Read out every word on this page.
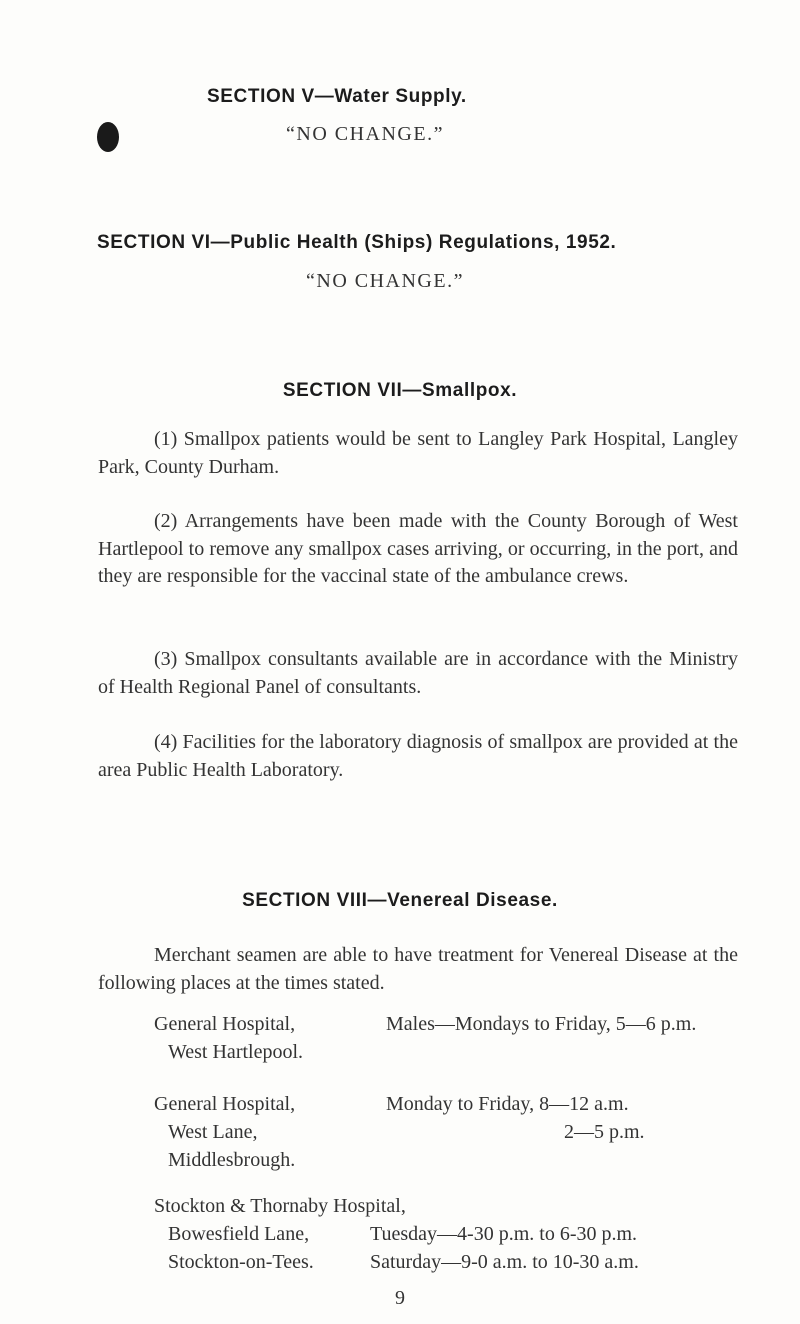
SECTION V—Water Supply.
“NO CHANGE.”
SECTION VI—Public Health (Ships) Regulations, 1952.
“NO CHANGE.”
SECTION VII—Smallpox.
(1) Smallpox patients would be sent to Langley Park Hospital, Langley Park, County Durham.
(2) Arrangements have been made with the County Borough of West Hartlepool to remove any smallpox cases arriving, or occurring, in the port, and they are responsible for the vaccinal state of the ambulance crews.
(3) Smallpox consultants available are in accordance with the Ministry of Health Regional Panel of consultants.
(4) Facilities for the laboratory diagnosis of smallpox are provided at the area Public Health Laboratory.
SECTION VIII—Venereal Disease.
Merchant seamen are able to have treatment for Venereal Disease at the following places at the times stated.
General Hospital,
West Hartlepool.
Males—Mondays to Friday, 5—6 p.m.
General Hospital,
West Lane,
Middlesbrough.
Monday to Friday, 8—12 a.m.
2—5 p.m.
Stockton & Thornaby Hospital,
Bowesfield Lane,
Stockton-on-Tees.
Tuesday—4-30 p.m. to 6-30 p.m.
Saturday—9-0 a.m. to 10-30 a.m.
9
